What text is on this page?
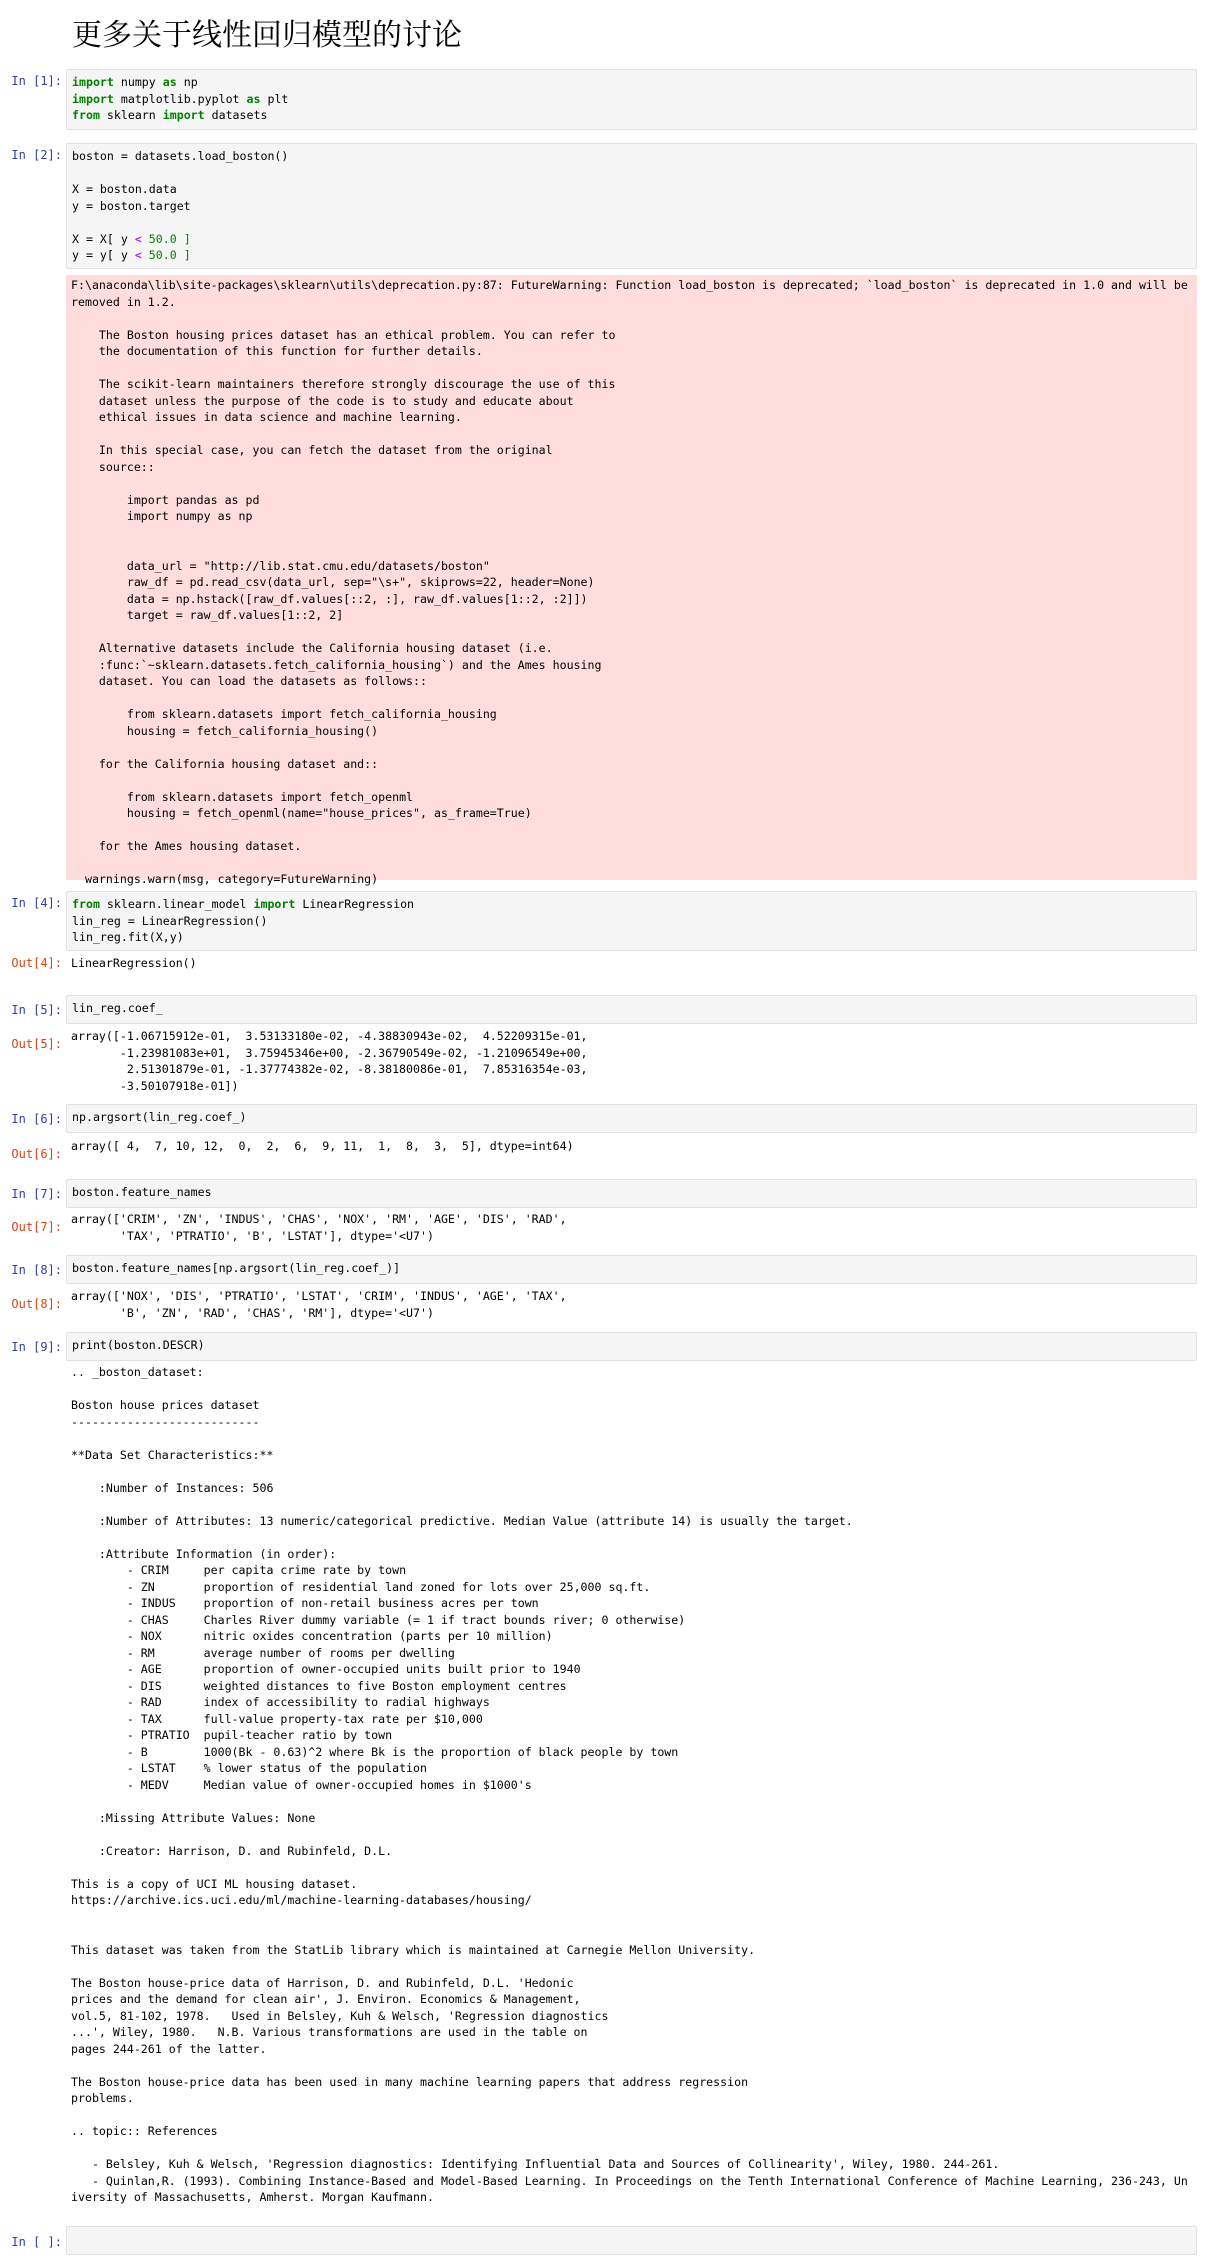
更多关于线性回归模型的讨论
In [1]: import numpy as np
import matplotlib.pyplot as plt
from sklearn import datasets
In [2]: boston = datasets.load_boston()

X = boston.data
y = boston.target

X = X[ y < 50.0 ]
y = y[ y < 50.0 ]
F:\anaconda\lib\site-packages\sklearn\utils\deprecation.py:87: FutureWarning: Function load_boston is deprecated; `load_boston` is deprecated in 1.0 and will be removed in 1.2.

The Boston housing prices dataset has an ethical problem. You can refer to
the documentation of this function for further details.

The scikit-learn maintainers therefore strongly discourage the use of this
dataset unless the purpose of the code is to study and educate about
ethical issues in data science and machine learning.

In this special case, you can fetch the dataset from the original
source::

import pandas as pd
import numpy as np

data_url = "http://lib.stat.cmu.edu/datasets/boston"
raw_df = pd.read_csv(data_url, sep="\s+", skiprows=22, header=None)
data = np.hstack([raw_df.values[::2, :], raw_df.values[1::2, :2]])
target = raw_df.values[1::2, 2]

Alternative datasets include the California housing dataset (i.e.
:func:`~sklearn.datasets.fetch_california_housing`) and the Ames housing
dataset. You can load the datasets as follows::

from sklearn.datasets import fetch_california_housing
housing = fetch_california_housing()

for the California housing dataset and::

from sklearn.datasets import fetch_openml
housing = fetch_openml(name="house_prices", as_frame=True)

for the Ames housing dataset.

warnings.warn(msg, category=FutureWarning)
In [4]: from sklearn.linear_model import LinearRegression
lin_reg = LinearRegression()
lin_reg.fit(X,y)
Out[4]: LinearRegression()
In [5]: lin_reg.coef_
Out[5]:
array([-1.06715912e-01,  3.53133180e-02, -4.38830943e-02,  4.52209315e-01,
-1.23981083e+01,  3.75945346e+00, -2.36790549e-02, -1.21096549e+00,
2.51301879e-01, -1.37774382e-02, -8.38180086e-01,  7.85316354e-03,
-3.50107918e-01])
In [6]: np.argsort(lin_reg.coef_)
Out[6]:
array([ 4,  7, 10, 12,  0,  2,  6,  9, 11,  1,  8,  3,  5], dtype=int64)
In [7]: boston.feature_names
Out[7]:
array(['CRIM', 'ZN', 'INDUS', 'CHAS', 'NOX', 'RM', 'AGE', 'DIS', 'RAD',
'TAX', 'PTRATIO', 'B', 'LSTAT'], dtype='<U7')
In [8]: boston.feature_names[np.argsort(lin_reg.coef_)]
Out[8]:
array(['NOX', 'DIS', 'PTRATIO', 'LSTAT', 'CRIM', 'INDUS', 'AGE', 'TAX',
'B', 'ZN', 'RAD', 'CHAS', 'RM'], dtype='<U7')
In [9]: print(boston.DESCR)
.. _boston_dataset:

Boston house prices dataset
---------------------------

**Data Set Characteristics:**

:Number of Instances: 506

:Number of Attributes: 13 numeric/categorical predictive. Median Value (attribute 14) is usually the target.

:Attribute Information (in order):
- CRIM     per capita crime rate by town
- ZN       proportion of residential land zoned for lots over 25,000 sq.ft.
- INDUS    proportion of non-retail business acres per town
- CHAS     Charles River dummy variable (= 1 if tract bounds river; 0 otherwise)
- NOX      nitric oxides concentration (parts per 10 million)
- RM       average number of rooms per dwelling
- AGE      proportion of owner-occupied units built prior to 1940
- DIS      weighted distances to five Boston employment centres
- RAD      index of accessibility to radial highways
- TAX      full-value property-tax rate per $10,000
- PTRATIO  pupil-teacher ratio by town
- B        1000(Bk - 0.63)^2 where Bk is the proportion of black people by town
- LSTAT    % lower status of the population
- MEDV     Median value of owner-occupied homes in $1000's

:Missing Attribute Values: None

:Creator: Harrison, D. and Rubinfeld, D.L.

This is a copy of UCI ML housing dataset.
https://archive.ics.uci.edu/ml/machine-learning-databases/housing/

This dataset was taken from the StatLib library which is maintained at Carnegie Mellon University.

The Boston house-price data of Harrison, D. and Rubinfeld, D.L. 'Hedonic
prices and the demand for clean air', J. Environ. Economics & Management,
vol.5, 81-102, 1978.   Used in Belsley, Kuh & Welsch, 'Regression diagnostics
...', Wiley, 1980.   N.B. Various transformations are used in the table on
pages 244-261 of the latter.

The Boston house-price data has been used in many machine learning papers that address regression
problems.

.. topic:: References

- Belsley, Kuh & Welsch, 'Regression diagnostics: Identifying Influential Data and Sources of Collinearity', Wiley, 1980. 244-261.
- Quinlan,R. (1993). Combining Instance-Based and Model-Based Learning. In Proceedings on the Tenth International Conference of Machine Learning, 236-243, University of Massachusetts, Amherst. Morgan Kaufmann.
In [ ]:
